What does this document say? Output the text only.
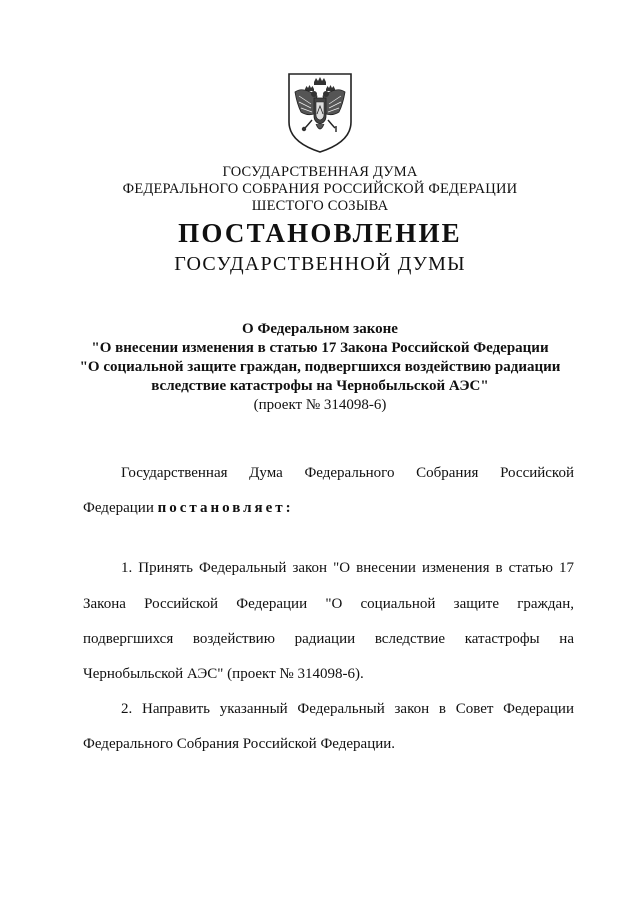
ГОСУДАРСТВЕННАЯ ДУМА
ФЕДЕРАЛЬНОГО СОБРАНИЯ РОССИЙСКОЙ ФЕДЕРАЦИИ
ШЕСТОГО СОЗЫВА
ПОСТАНОВЛЕНИЕ
ГОСУДАРСТВЕННОЙ ДУМЫ
О Федеральном законе
"О внесении изменения в статью 17 Закона Российской Федерации
"О социальной защите граждан, подвергшихся воздействию радиации
вследствие катастрофы на Чернобыльской АЭС"
(проект № 314098-6)
Государственная Дума Федерального Собрания Российской
Федерации постановляет:
1. Принять Федеральный закон "О внесении изменения в статью 17
Закона Российской Федерации "О социальной защите граждан,
подвергшихся воздействию радиации вследствие катастрофы на
Чернобыльской АЭС" (проект № 314098-6).
2. Направить указанный Федеральный закон в Совет Федерации
Федерального Собрания Российской Федерации.
